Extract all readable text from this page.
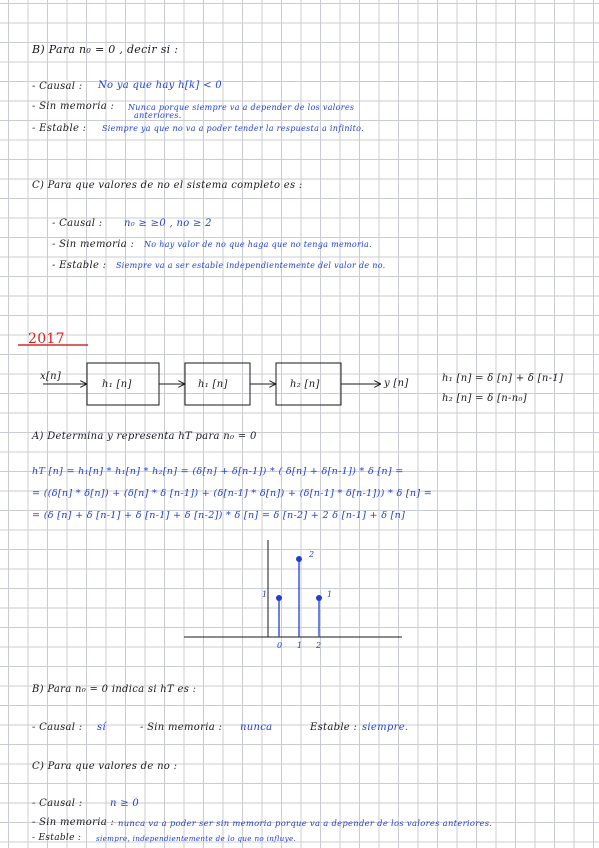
B) Para n₀ = 0 , decir si :
- Causal : No ya que hay h[k] < 0
- Sin memoria : Nunca porque siempre va a depender de los valores
anteriores.
- Estable : Siempre ya que no va a poder tender la respuesta a infinito.
C) Para que valores de no el sistema completo es :
- Causal : n₀ ≥ ≥0 , no ≥ 2
- Sin memoria : No hay valor de no que haga que no tenga memoria.
- Estable : Siempre va a ser estable independientemente del valor de no.
2017
x[n]
h₁ [n]	h₁ [n]	h₂ [n]	y [n]	h₁ [n] = δ [n] + δ [n-1]
h₂ [n] = δ [n-n₀]
A) Determina y representa hT para n₀ = 0
hT [n] = h₁[n] * h₁[n] * h₂[n] = (δ[n] + δ[n-1]) * ( δ[n] + δ[n-1]) * δ [n] =
= ((δ[n] * δ[n]) + (δ[n] * δ [n-1]) + (δ[n-1] * δ[n]) + (δ[n-1] * δ[n-1])) * δ [n] =
= (δ [n] + δ [n-1] + δ [n-1] + δ [n-2]) * δ [n] = δ [n-2] + 2 δ [n-1] + δ [n]
0 1 2
1
2
1
B) Para n₀ = 0 indica si hT es :
- Causal : sí	- Sin memoria : nunca	Estable : siempre.
C) Para que valores de no :
- Causal :	n ≥ 0
- Sin memoria : nunca va a poder ser sin memoria porque va a depender de los valores anteriores.
- Estable : siempre, independientemente de lo que no influye.
